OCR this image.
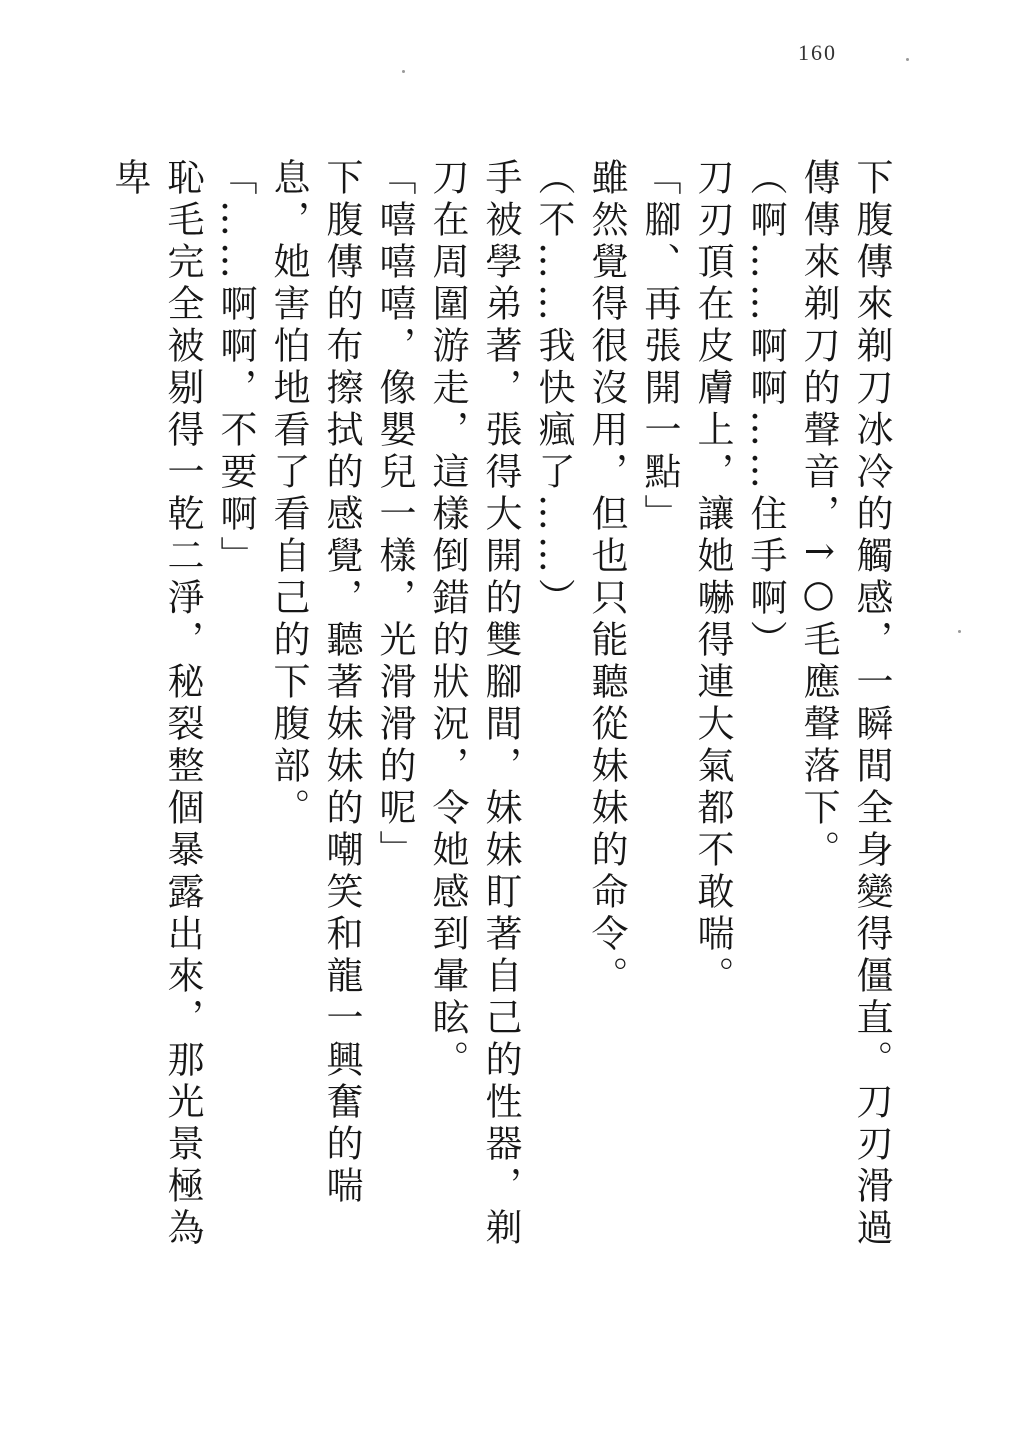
160

下腹傳來剃刀冰冷的觸感，一瞬間全身變得僵直。刀刃滑過傳傳來剃刀的聲音，↑○毛應聲落下。

（啊……啊啊……住手啊）

刀刃頂在皮膚上，讓她嚇得連大氣都不敢喘。

「腳、再張開一點」

雖然覺得很沒用，但也只能聽從妹妹的命令。

（不……我快瘋了……）

手被學弟著，張得大開的雙腳間，妹妹盯著自己的性器，剃刀在周圍游走，這樣倒錯的狀況，令她感到暈眩。

「嘻嘻嘻，像嬰兒一樣，光滑滑的呢」

下腹傳的布擦拭的感覺，聽著妹妹的嘲笑和龍一興奮的喘息，她害怕地看了看自己的下腹部。

「……啊啊，不要啊」

恥毛完全被剔得一乾二淨，秘裂整個暴露出來，那光景極為卑
